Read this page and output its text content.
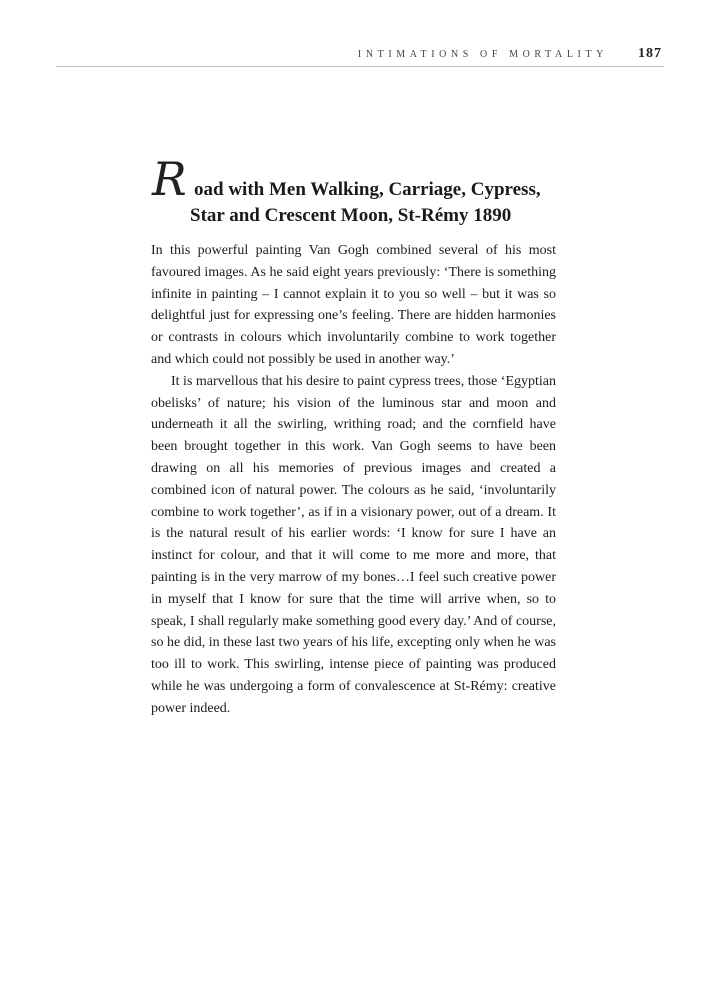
INTIMATIONS OF MORTALITY 187
R oad with Men Walking, Carriage, Cypress,
Star and Crescent Moon, St-Rémy 1890

In this powerful painting Van Gogh combined several of his most favoured images. As he said eight years previously: ‘There is something infinite in painting – I cannot explain it to you so well – but it was so delightful just for expressing one’s feeling. There are hidden harmonies or contrasts in colours which involuntarily combine to work together and which could not possibly be used in another way.’

It is marvellous that his desire to paint cypress trees, those ‘Egyptian obelisks’ of nature; his vision of the luminous star and moon and underneath it all the swirling, writhing road; and the cornfield have been brought together in this work. Van Gogh seems to have been drawing on all his memories of previous images and created a combined icon of natural power. The colours as he said, ‘involuntarily combine to work together’, as if in a visionary power, out of a dream. It is the natural result of his earlier words: ‘I know for sure I have an instinct for colour, and that it will come to me more and more, that painting is in the very marrow of my bones…I feel such creative power in myself that I know for sure that the time will arrive when, so to speak, I shall regularly make something good every day.’ And of course, so he did, in these last two years of his life, excepting only when he was too ill to work. This swirling, intense piece of painting was produced while he was undergoing a form of convalescence at St-Rémy: creative power indeed.
